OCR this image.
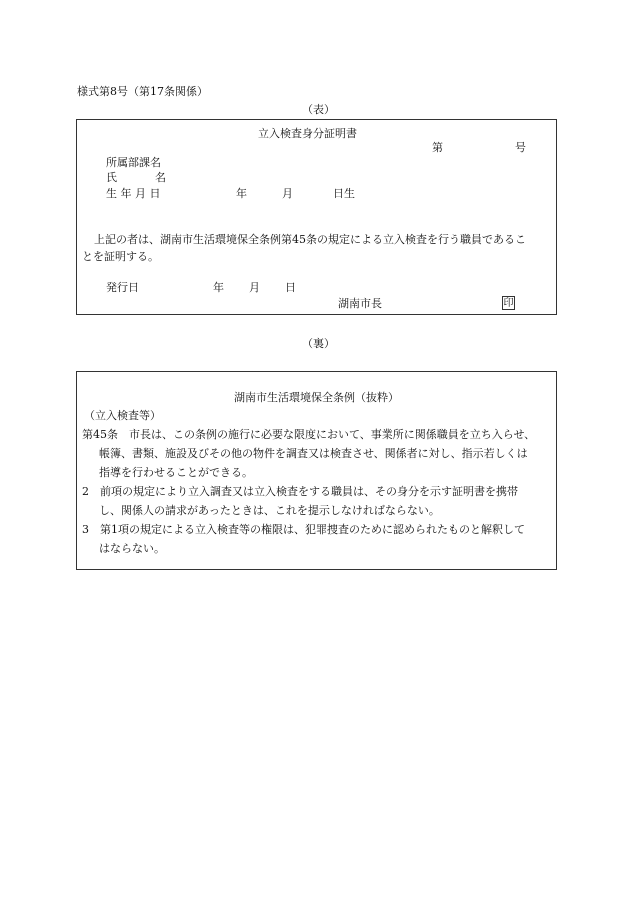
様式第8号（第17条関係）
（表）
立入検査身分証明書
第	号
所属部課名
氏	名
生 年 月 日	年	月	日生
上記の者は、湖南市生活環境保全条例第45条の規定による立入検査を行う職員であるこ
とを証明する。
発行日	年 月 日
湖南市長	印
（裏）
湖南市生活環境保全条例（抜粋）
（立入検査等）
第45条　市長は、この条例の施行に必要な限度において、事業所に関係職員を立ち入らせ、
帳簿、書類、施設及びその他の物件を調査又は検査させ、関係者に対し、指示若しくは
指導を行わせることができる。
2　前項の規定により立入調査又は立入検査をする職員は、その身分を示す証明書を携帯
し、関係人の請求があったときは、これを提示しなければならない。
3　第1項の規定による立入検査等の権限は、犯罪捜査のために認められたものと解釈して
はならない。
